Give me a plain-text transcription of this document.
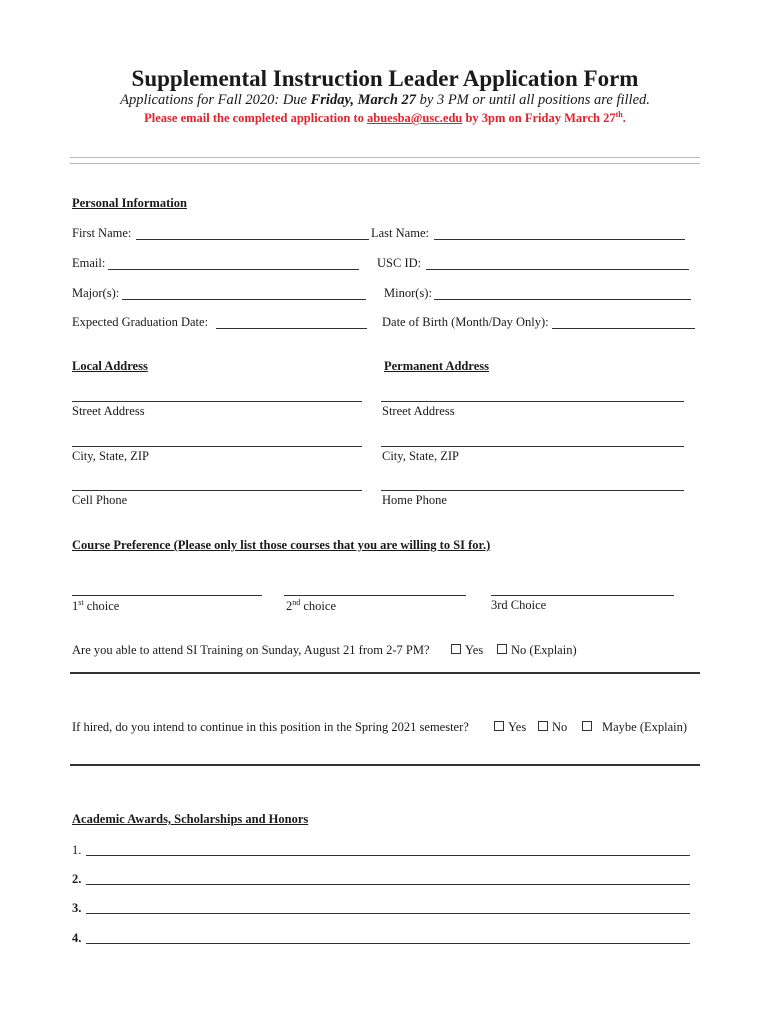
Supplemental Instruction Leader Application Form
Applications for Fall 2020: Due Friday, March 27 by 3 PM or until all positions are filled.
Please email the completed application to abuesba@usc.edu by 3pm on Friday March 27th.
Personal Information
First Name:	Last Name:
Email:	USC ID:
Major(s):	Minor(s):
Expected Graduation Date:	Date of Birth (Month/Day Only):
Local Address	Permanent Address
Street Address	Street Address
City, State, ZIP	City, State, ZIP
Cell Phone	Home Phone
Course Preference (Please only list those courses that you are willing to SI for.)
1st choice	2nd choice	3rd Choice
Are you able to attend SI Training on Sunday, August 21 from 2-7 PM?	Yes	No (Explain)
If hired, do you intend to continue in this position in the Spring 2021 semester?	Yes	No	Maybe (Explain)
Academic Awards, Scholarships and Honors
1.
2.
3.
4.
